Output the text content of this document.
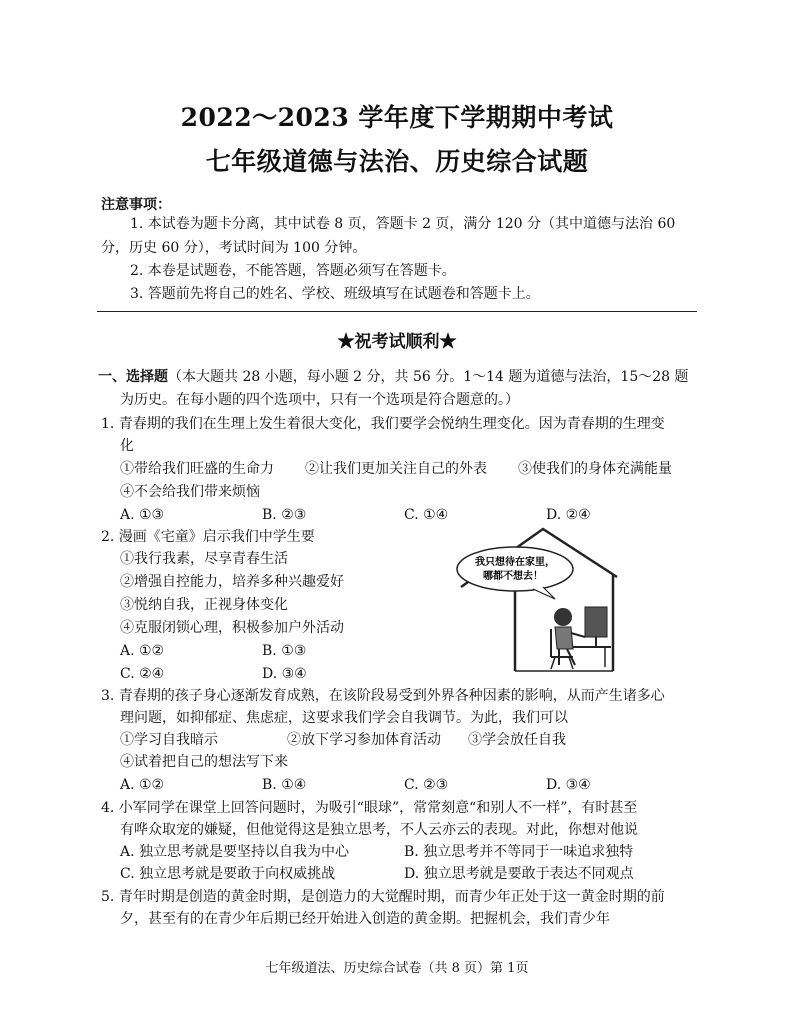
2022～2023 学年度下学期期中考试
七年级道德与法治、历史综合试题
注意事项：
1. 本试卷为题卡分离，其中试卷 8 页，答题卡 2 页，满分 120 分（其中道德与法治 60
分，历史 60 分），考试时间为 100 分钟。
2. 本卷是试题卷，不能答题，答题必须写在答题卡。
3. 答题前先将自己的姓名、学校、班级填写在试题卷和答题卡上。
★祝考试顺利★
一、选择题（本大题共 28 小题，每小题 2 分，共 56 分。1～14 题为道德与法治，15～28 题
为历史。在每小题的四个选项中，只有一个选项是符合题意的。）
1. 青春期的我们在生理上发生着很大变化，我们要学会悦纳生理变化。因为青春期的生理变
化
①带给我们旺盛的生命力 ②让我们更加关注自己的外表 ③使我们的身体充满能量
④不会给我们带来烦恼
A. ①③	B. ②③	C. ①④	D. ②④
2. 漫画《宅童》启示我们中学生要
①我行我素，尽享青春生活
②增强自控能力，培养多种兴趣爱好
③悦纳自我，正视身体变化
④克服闭锁心理，积极参加户外活动
A. ①②	B. ①③
C. ②④	D. ③④
我只想待在家里，
哪都不想去！
3. 青春期的孩子身心逐渐发育成熟，在该阶段易受到外界各种因素的影响，从而产生诸多心
理问题，如抑郁症、焦虑症，这要求我们学会自我调节。为此，我们可以
①学习自我暗示	②放下学习参加体育活动 ③学会放任自我
④试着把自己的想法写下来
A. ①②	B. ①④	C. ②③	D. ③④
4. 小军同学在课堂上回答问题时，为吸引“眼球”，常常刻意“和别人不一样”，有时甚至
有哗众取宠的嫌疑，但他觉得这是独立思考，不人云亦云的表现。对此，你想对他说
A. 独立思考就是要坚持以自我为中心	B. 独立思考并不等同于一味追求独特
C. 独立思考就是要敢于向权威挑战	D. 独立思考就是要敢于表达不同观点
5. 青年时期是创造的黄金时期，是创造力的大觉醒时期，而青少年正处于这一黄金时期的前
夕，甚至有的在青少年后期已经开始进入创造的黄金期。把握机会，我们青少年
七年级道法、历史综合试卷（共 8 页）第 1页
